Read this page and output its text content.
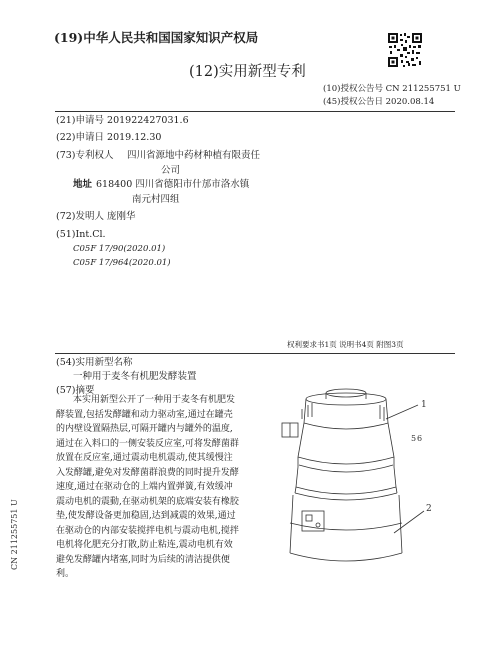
(19)中华人民共和国国家知识产权局
(12)实用新型专利
(10)授权公告号 CN 211255751 U
(45)授权公告日 2020.08.14
(21)申请号 201922427031.6
(22)申请日 2019.12.30
(73)专利权人 四川省源地中药材种植有限责任
公司
地址 618400 四川省德阳市什邡市洛水镇
南元村四组
(72)发明人 庞刚华
(51)Int.Cl.
C05F 17/90(2020.01)
C05F 17/964(2020.01)
权利要求书1页 说明书4页 附图3页
(54)实用新型名称
一种用于麦冬有机肥发酵装置
(57)摘要
本实用新型公开了一种用于麦冬有机肥发
酵装置,包括发酵罐和动力驱动室,通过在罐壳
的内壁设置隔热层,可隔开罐内与罐外的温度,
通过在入料口的一侧安装反应室,可将发酵菌群
放置在反应室,通过震动电机震动,使其缓慢注
入发酵罐,避免对发酵菌群浪费的同时提升发酵
速度,通过在驱动仓的上端内置弹簧,有效缓冲
震动电机的震動,在驱动机架的底端安装有橡胶
垫,使发酵设备更加稳固,达到减震的效果,通过
在驱动仓的内部安装搅拌电机与震动电机,搅拌
电机将化肥充分打散,防止粘连,震动电机有效
避免发酵罐内堵塞,同时为后续的清洁提供便
利。
1
5 6
2
CN 211255751 U
